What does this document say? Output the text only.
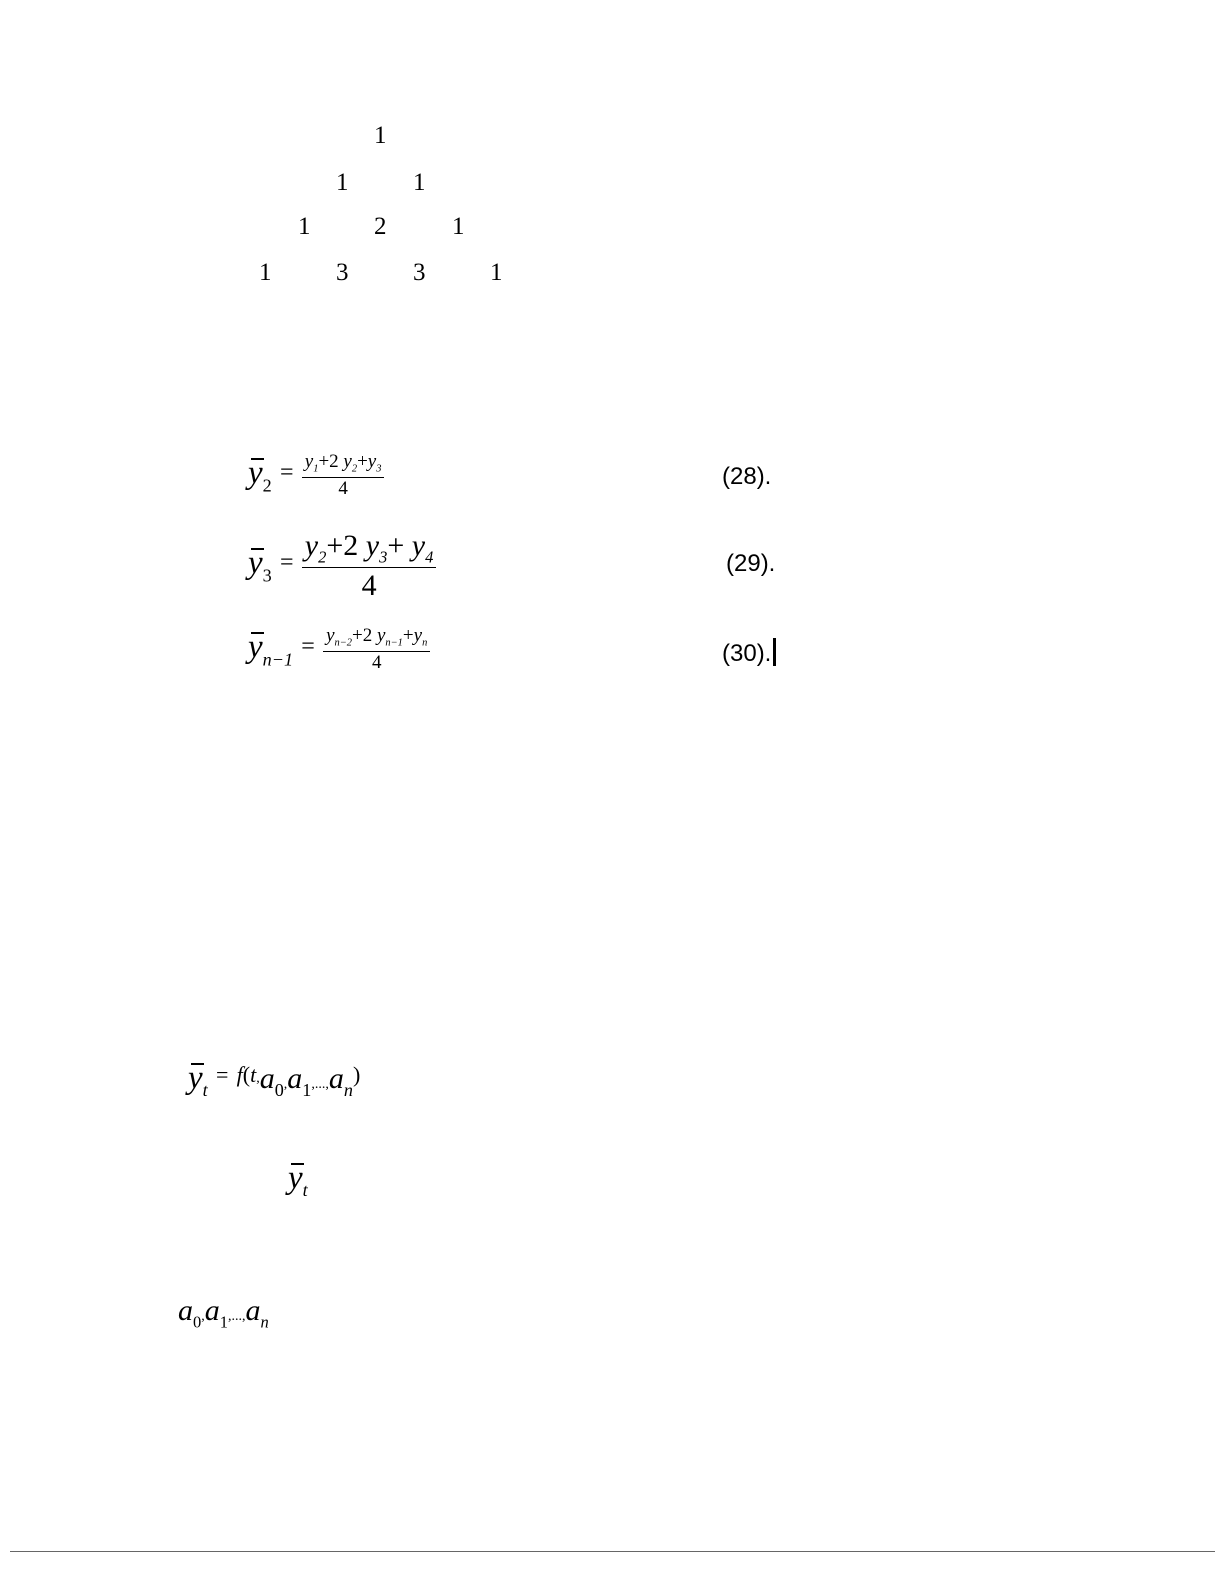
1
1	1
1	2	1
1	3	3	1
$y_2 = \frac{y_1+2 y_2+y_3}{4}$	(28).
$y_3 = \frac{y_2+2 y_3+ y_4}{4}$	(29).
$y_{n-1} = \frac{y_{n-2}+2 y_{n-1}+y_n}{4}$	(30).
$y_t = f(t,a_0,a_1,...,a_n)$
$y_t$
$a_0,a_1,...,a_n$
